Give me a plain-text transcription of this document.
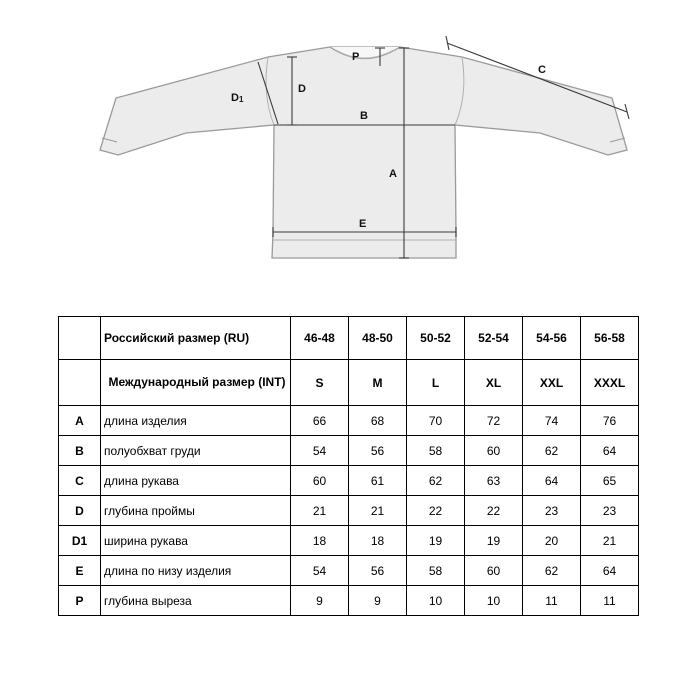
P
D
$D_1$
B
A
C
E
	Российский размер (RU)	46-48	48-50	50-52	52-54	54-56	56-58
	Международный размер (INT)	S	M	L	XL	XXL	XXXL
A	длина изделия	66	68	70	72	74	76
B	полуобхват груди	54	56	58	60	62	64
C	длина рукава	60	61	62	63	64	65
D	глубина проймы	21	21	22	22	23	23
D1	ширина рукава	18	18	19	19	20	21
E	длина по низу изделия	54	56	58	60	62	64
P	глубина выреза	9	9	10	10	11	11
